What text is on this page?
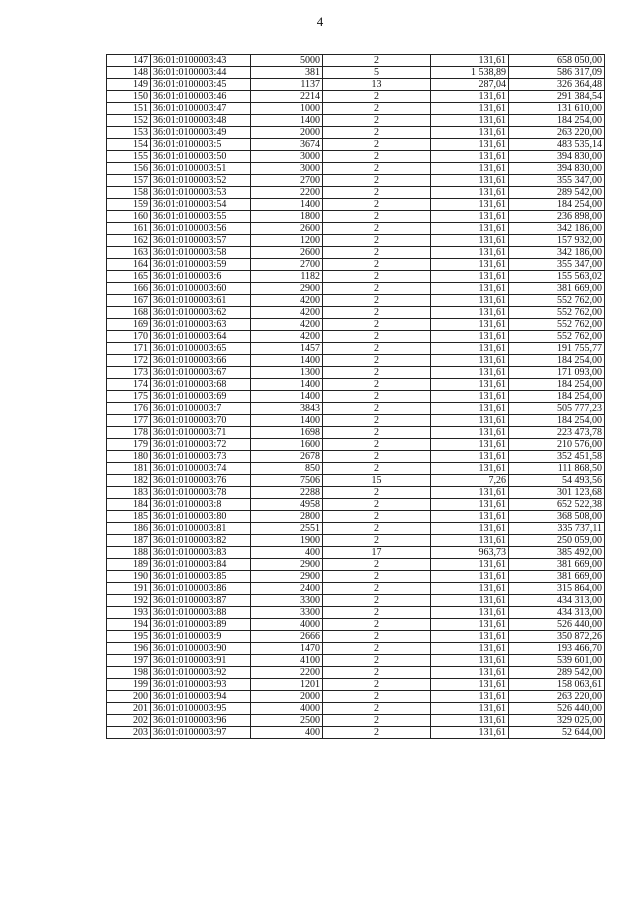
4
147	36:01:0100003:43	5000	2	131,61	658 050,00
148	36:01:0100003:44	381	5	1 538,89	586 317,09
149	36:01:0100003:45	1137	13	287,04	326 364,48
150	36:01:0100003:46	2214	2	131,61	291 384,54
151	36:01:0100003:47	1000	2	131,61	131 610,00
152	36:01:0100003:48	1400	2	131,61	184 254,00
153	36:01:0100003:49	2000	2	131,61	263 220,00
154	36:01:0100003:5	3674	2	131,61	483 535,14
155	36:01:0100003:50	3000	2	131,61	394 830,00
156	36:01:0100003:51	3000	2	131,61	394 830,00
157	36:01:0100003:52	2700	2	131,61	355 347,00
158	36:01:0100003:53	2200	2	131,61	289 542,00
159	36:01:0100003:54	1400	2	131,61	184 254,00
160	36:01:0100003:55	1800	2	131,61	236 898,00
161	36:01:0100003:56	2600	2	131,61	342 186,00
162	36:01:0100003:57	1200	2	131,61	157 932,00
163	36:01:0100003:58	2600	2	131,61	342 186,00
164	36:01:0100003:59	2700	2	131,61	355 347,00
165	36:01:0100003:6	1182	2	131,61	155 563,02
166	36:01:0100003:60	2900	2	131,61	381 669,00
167	36:01:0100003:61	4200	2	131,61	552 762,00
168	36:01:0100003:62	4200	2	131,61	552 762,00
169	36:01:0100003:63	4200	2	131,61	552 762,00
170	36:01:0100003:64	4200	2	131,61	552 762,00
171	36:01:0100003:65	1457	2	131,61	191 755,77
172	36:01:0100003:66	1400	2	131,61	184 254,00
173	36:01:0100003:67	1300	2	131,61	171 093,00
174	36:01:0100003:68	1400	2	131,61	184 254,00
175	36:01:0100003:69	1400	2	131,61	184 254,00
176	36:01:0100003:7	3843	2	131,61	505 777,23
177	36:01:0100003:70	1400	2	131,61	184 254,00
178	36:01:0100003:71	1698	2	131,61	223 473,78
179	36:01:0100003:72	1600	2	131,61	210 576,00
180	36:01:0100003:73	2678	2	131,61	352 451,58
181	36:01:0100003:74	850	2	131,61	111 868,50
182	36:01:0100003:76	7506	15	7,26	54 493,56
183	36:01:0100003:78	2288	2	131,61	301 123,68
184	36:01:0100003:8	4958	2	131,61	652 522,38
185	36:01:0100003:80	2800	2	131,61	368 508,00
186	36:01:0100003:81	2551	2	131,61	335 737,11
187	36:01:0100003:82	1900	2	131,61	250 059,00
188	36:01:0100003:83	400	17	963,73	385 492,00
189	36:01:0100003:84	2900	2	131,61	381 669,00
190	36:01:0100003:85	2900	2	131,61	381 669,00
191	36:01:0100003:86	2400	2	131,61	315 864,00
192	36:01:0100003:87	3300	2	131,61	434 313,00
193	36:01:0100003:88	3300	2	131,61	434 313,00
194	36:01:0100003:89	4000	2	131,61	526 440,00
195	36:01:0100003:9	2666	2	131,61	350 872,26
196	36:01:0100003:90	1470	2	131,61	193 466,70
197	36:01:0100003:91	4100	2	131,61	539 601,00
198	36:01:0100003:92	2200	2	131,61	289 542,00
199	36:01:0100003:93	1201	2	131,61	158 063,61
200	36:01:0100003:94	2000	2	131,61	263 220,00
201	36:01:0100003:95	4000	2	131,61	526 440,00
202	36:01:0100003:96	2500	2	131,61	329 025,00
203	36:01:0100003:97	400	2	131,61	52 644,00
